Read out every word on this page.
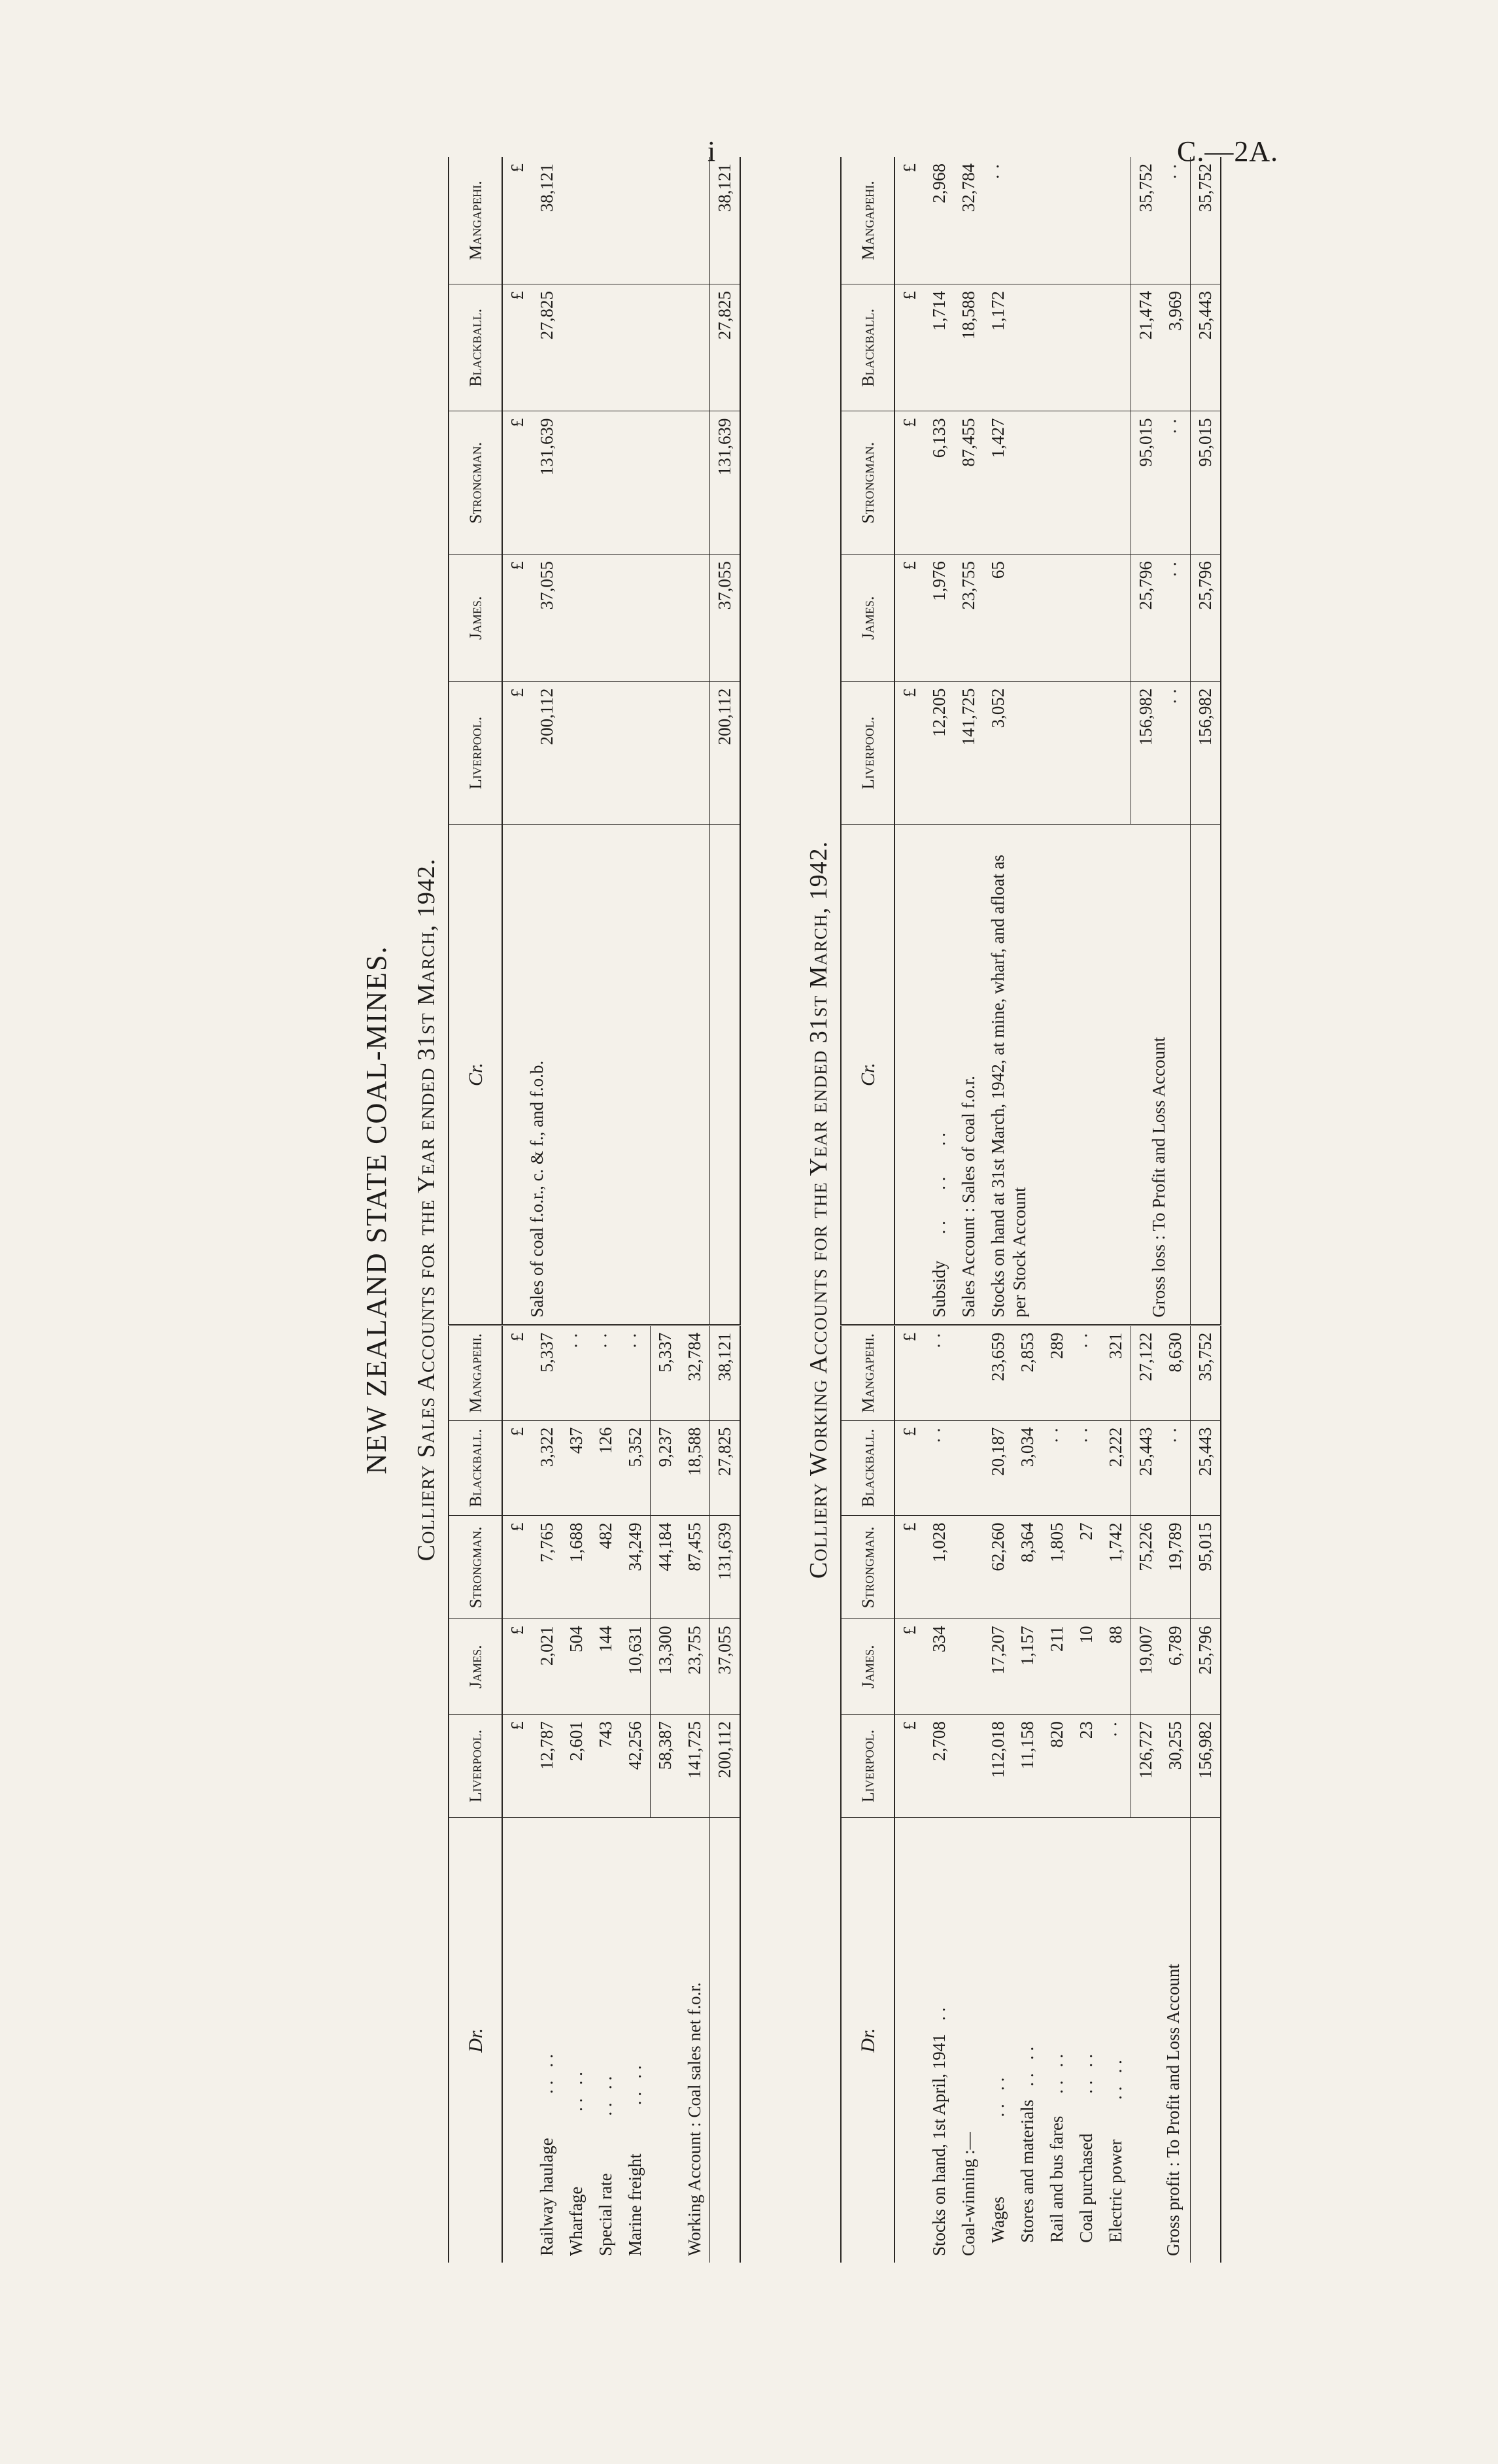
i	C.—2A.
NEW ZEALAND STATE COAL-MINES. Colliery Sales Accounts for the Year ended 31st March, 1942.
Dr.	Liverpool.	James.	Strongman.	Blackball.	Mangapehi.	Cr.	Liverpool.	James.	Strongman.	Blackball.	Mangapehi.
	£	£	£	£	£	Sales of coal f.o.r., c. & f., and f.o.b.	£	£	£	£	£
Railway haulage          . .   . .	12,787	2,021	7,765	3,322	5,337		200,112	37,055	131,639	27,825	38,121
Wharfage                 . .   . .	2,601	504	1,688	437	· ·						
Special rate             . .   . .	743	144	482	126	· ·						
Marine freight           . .   . .	42,256	10,631	34,249	5,352	· ·						
	58,387	13,300	44,184	9,237	5,337						
Working Account : Coal sales net f.o.r.	141,725	23,755	87,455	18,588	32,784						
	200,112	37,055	131,639	27,825	38,121		200,112	37,055	131,639	27,825	38,121
Colliery Working Accounts for the Year ended 31st March, 1942.
Dr.	Liverpool.	James.	Strongman.	Blackball.	Mangapehi.	Cr.	Liverpool.	James.	Strongman.	Blackball.	Mangapehi.
	£	£	£	£	£		£	£	£	£	£
Stocks on hand, 1st April, 1941   . .	2,708	334	1,028	· ·	· ·	Subsidy      . .       . .       . .	12,205	1,976	6,133	1,714	2,968
Coal-winning :—						Sales Account : Sales of coal f.o.r.	141,725	23,755	87,455	18,588	32,784
Wages                  . .   . .	112,018	17,207	62,260	20,187	23,659	Stocks on hand at 31st March, 1942, at mine, wharf, and afloat as per Stock Account	3,052	65	1,427	1,172	· ·
Stores and materials   . .   . .	11,158	1,157	8,364	3,034	2,853						
Rail and bus fares     . .   . .	820	211	1,805	· ·	289						
Coal purchased         . .   . .	23	10	27	· ·	· ·						
Electric power         . .   . .	· ·	88	1,742	2,222	321						

Gross profit : To Profit and Loss Account	126,727	19,007	75,226	25,443	27,122	Gross loss : To Profit and Loss Account	156,982	25,796	95,015	21,474	35,752
	30,255	6,789	19,789	· ·	8,630		· ·	· ·	· ·	3,969	· ·
	156,982	25,796	95,015	25,443	35,752		156,982	25,796	95,015	25,443	35,752
